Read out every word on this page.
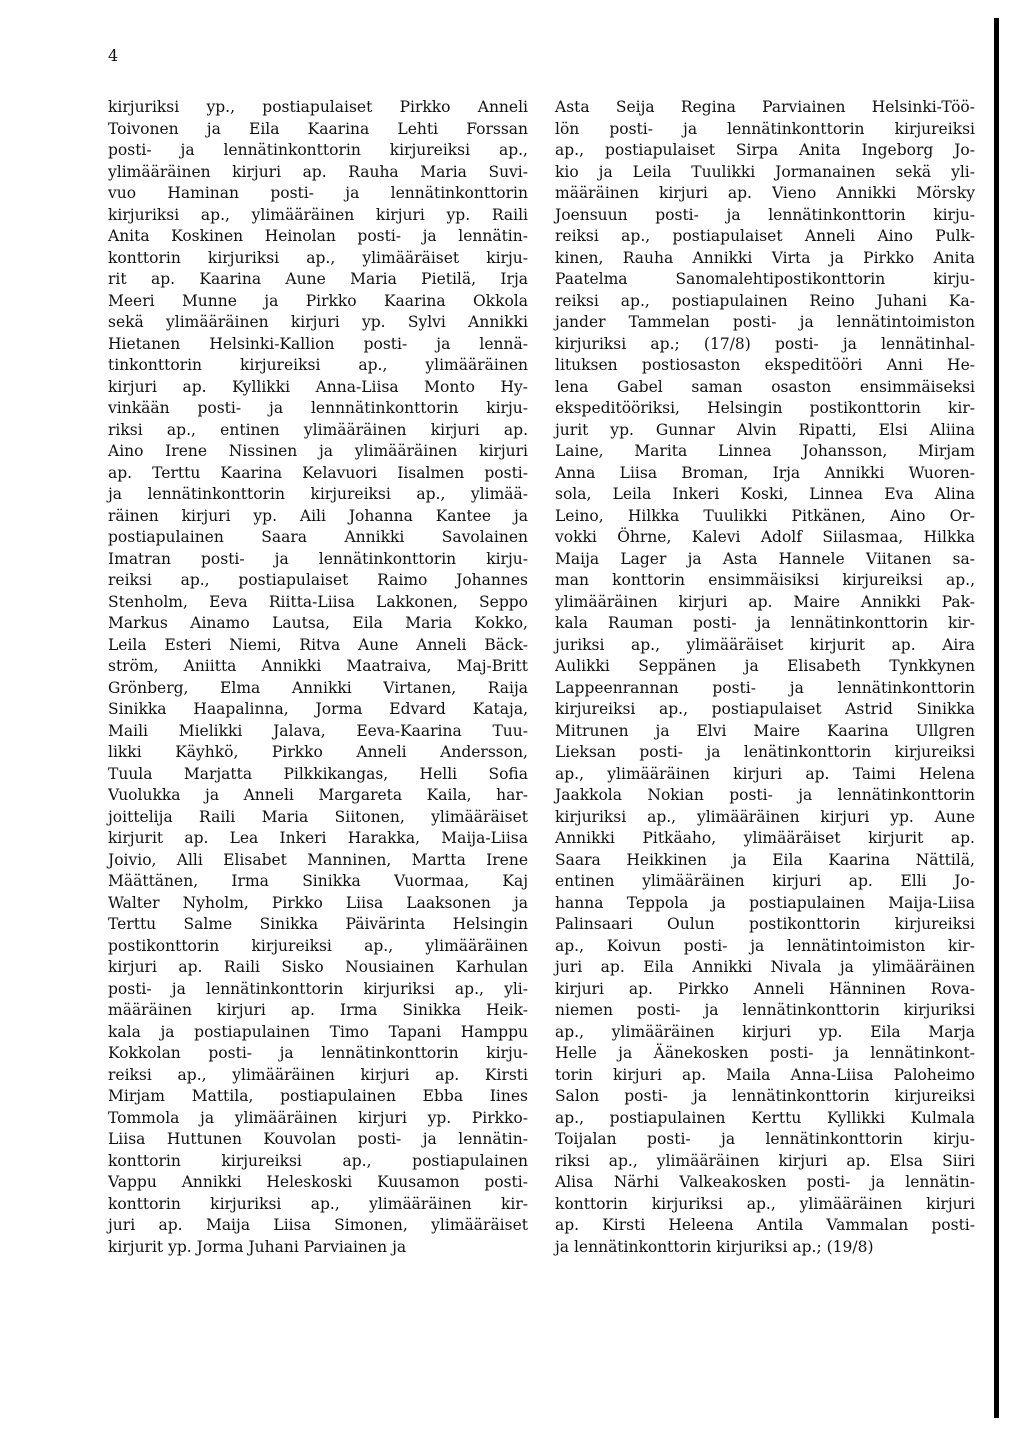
4
kirjuriksi yp., postiapulaiset Pirkko Anneli
Toivonen ja Eila Kaarina Lehti Forssan
posti- ja lennätinkonttorin kirjureiksi ap.,
ylimääräinen kirjuri ap. Rauha Maria Suvi-
vuo Haminan posti- ja lennätinkonttorin
kirjuriksi ap., ylimääräinen kirjuri yp. Raili
Anita Koskinen Heinolan posti- ja lennätin-
konttorin kirjuriksi ap., ylimääräiset kirju-
rit ap. Kaarina Aune Maria Pietilä, Irja
Meeri Munne ja Pirkko Kaarina Okkola
sekä ylimääräinen kirjuri yp. Sylvi Annikki
Hietanen Helsinki-Kallion posti- ja lennä-
tinkonttorin kirjureiksi ap., ylimääräinen
kirjuri ap. Kyllikki Anna-Liisa Monto Hy-
vinkään posti- ja lennnätinkonttorin kirju-
riksi ap., entinen ylimääräinen kirjuri ap.
Aino Irene Nissinen ja ylimääräinen kirjuri
ap. Terttu Kaarina Kelavuori Iisalmen posti-
ja lennätinkonttorin kirjureiksi ap., ylimää-
räinen kirjuri yp. Aili Johanna Kantee ja
postiapulainen Saara Annikki Savolainen
Imatran posti- ja lennätinkonttorin kirju-
reiksi ap., postiapulaiset Raimo Johannes
Stenholm, Eeva Riitta-Liisa Lakkonen, Seppo
Markus Ainamo Lautsa, Eila Maria Kokko,
Leila Esteri Niemi, Ritva Aune Anneli Bäck-
ström, Aniitta Annikki Maatraiva, Maj-Britt
Grönberg, Elma Annikki Virtanen, Raija
Sinikka Haapalinna, Jorma Edvard Kataja,
Maili Mielikki Jalava, Eeva-Kaarina Tuu-
likki Käyhkö, Pirkko Anneli Andersson,
Tuula Marjatta Pilkkikangas, Helli Sofia
Vuolukka ja Anneli Margareta Kaila, har-
joittelija Raili Maria Siitonen, ylimääräiset
kirjurit ap. Lea Inkeri Harakka, Maija-Liisa
Joivio, Alli Elisabet Manninen, Martta Irene
Määttänen, Irma Sinikka Vuormaa, Kaj
Walter Nyholm, Pirkko Liisa Laaksonen ja
Terttu Salme Sinikka Päivärinta Helsingin
postikonttorin kirjureiksi ap., ylimääräinen
kirjuri ap. Raili Sisko Nousiainen Karhulan
posti- ja lennätinkonttorin kirjuriksi ap., yli-
määräinen kirjuri ap. Irma Sinikka Heik-
kala ja postiapulainen Timo Tapani Hamppu
Kokkolan posti- ja lennätinkonttorin kirju-
reiksi ap., ylimääräinen kirjuri ap. Kirsti
Mirjam Mattila, postiapulainen Ebba Iines
Tommola ja ylimääräinen kirjuri yp. Pirkko-
Liisa Huttunen Kouvolan posti- ja lennätin-
konttorin kirjureiksi ap., postiapulainen
Vappu Annikki Heleskoski Kuusamon posti-
konttorin kirjuriksi ap., ylimääräinen kir-
juri ap. Maija Liisa Simonen, ylimääräiset
kirjurit yp. Jorma Juhani Parviainen ja
Asta Seija Regina Parviainen Helsinki-Töö-
lön posti- ja lennätinkonttorin kirjureiksi
ap., postiapulaiset Sirpa Anita Ingeborg Jo-
kio ja Leila Tuulikki Jormanainen sekä yli-
määräinen kirjuri ap. Vieno Annikki Mörsky
Joensuun posti- ja lennätinkonttorin kirju-
reiksi ap., postiapulaiset Anneli Aino Pulk-
kinen, Rauha Annikki Virta ja Pirkko Anita
Paatelma Sanomalehtipostikonttorin kirju-
reiksi ap., postiapulainen Reino Juhani Ka-
jander Tammelan posti- ja lennätintoimiston
kirjuriksi ap.; (17/8) posti- ja lennätinhal-
lituksen postiosaston ekspeditööri Anni He-
lena Gabel saman osaston ensimmäiseksi
ekspeditööriksi, Helsingin postikonttorin kir-
jurit yp. Gunnar Alvin Ripatti, Elsi Aliina
Laine, Marita Linnea Johansson, Mirjam
Anna Liisa Broman, Irja Annikki Wuoren-
sola, Leila Inkeri Koski, Linnea Eva Alina
Leino, Hilkka Tuulikki Pitkänen, Aino Or-
vokki Öhrne, Kalevi Adolf Siilasmaa, Hilkka
Maija Lager ja Asta Hannele Viitanen sa-
man konttorin ensimmäisiksi kirjureiksi ap.,
ylimääräinen kirjuri ap. Maire Annikki Pak-
kala Rauman posti- ja lennätinkonttorin kir-
juriksi ap., ylimääräiset kirjurit ap. Aira
Aulikki Seppänen ja Elisabeth Tynkkynen
Lappeenrannan posti- ja lennätinkonttorin
kirjureiksi ap., postiapulaiset Astrid Sinikka
Mitrunen ja Elvi Maire Kaarina Ullgren
Lieksan posti- ja lenätinkonttorin kirjureiksi
ap., ylimääräinen kirjuri ap. Taimi Helena
Jaakkola Nokian posti- ja lennätinkonttorin
kirjuriksi ap., ylimääräinen kirjuri yp. Aune
Annikki Pitkäaho, ylimääräiset kirjurit ap.
Saara Heikkinen ja Eila Kaarina Nättilä,
entinen ylimääräinen kirjuri ap. Elli Jo-
hanna Teppola ja postiapulainen Maija-Liisa
Palinsaari Oulun postikonttorin kirjureiksi
ap., Koivun posti- ja lennätintoimiston kir-
juri ap. Eila Annikki Nivala ja ylimääräinen
kirjuri ap. Pirkko Anneli Hänninen Rova-
niemen posti- ja lennätinkonttorin kirjuriksi
ap., ylimääräinen kirjuri yp. Eila Marja
Helle ja Äänekosken posti- ja lennätinkont-
torin kirjuri ap. Maila Anna-Liisa Paloheimo
Salon posti- ja lennätinkonttorin kirjureiksi
ap., postiapulainen Kerttu Kyllikki Kulmala
Toijalan posti- ja lennätinkonttorin kirju-
riksi ap., ylimääräinen kirjuri ap. Elsa Siiri
Alisa Närhi Valkeakosken posti- ja lennätin-
konttorin kirjuriksi ap., ylimääräinen kirjuri
ap. Kirsti Heleena Antila Vammalan posti-
ja lennätinkonttorin kirjuriksi ap.; (19/8)
